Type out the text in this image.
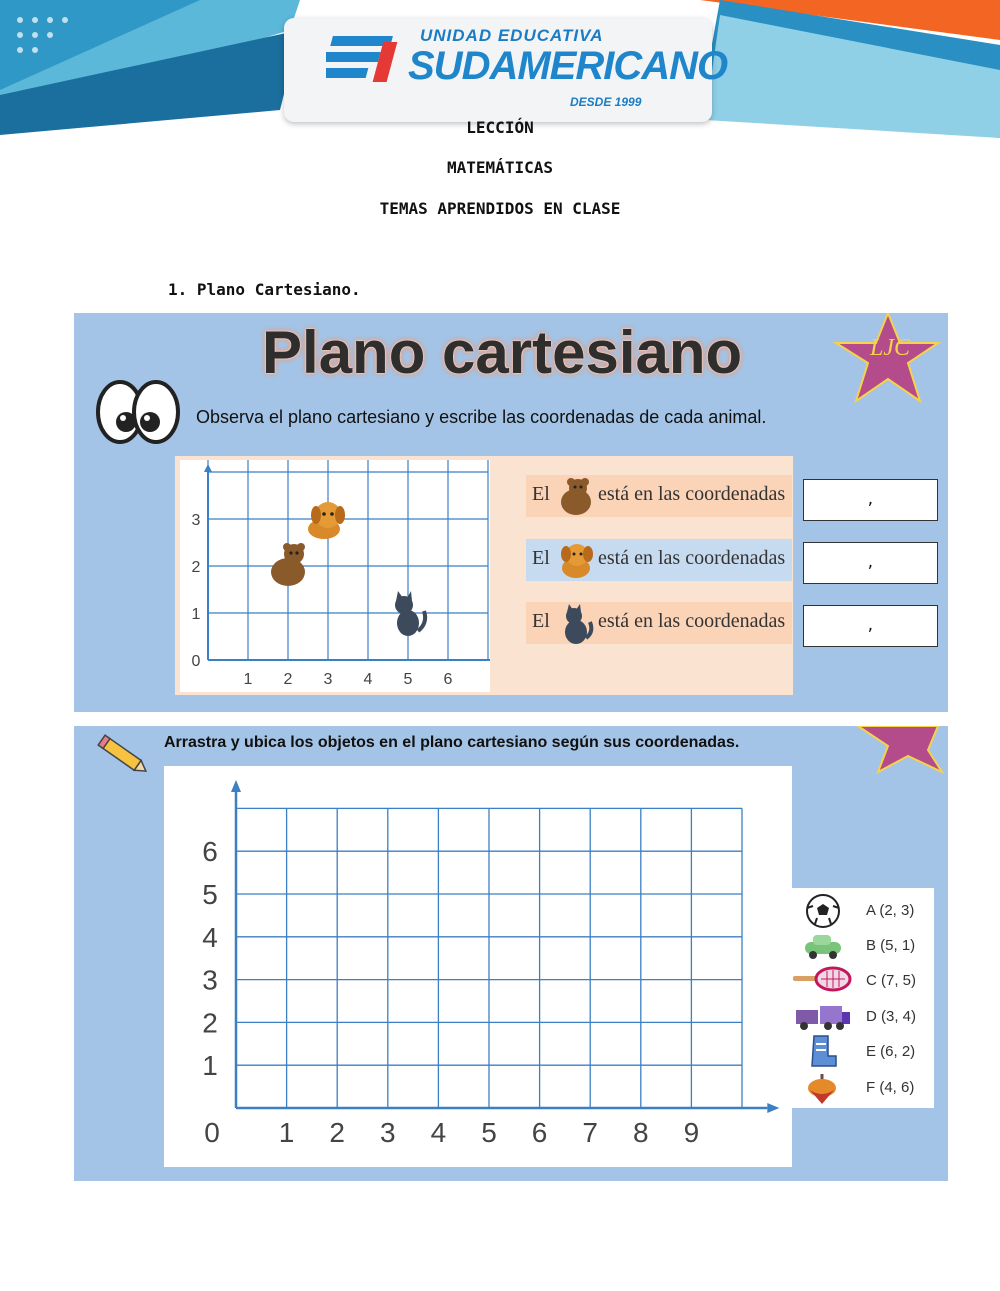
UNIDAD EDUCATIVA
SUDAMERICANO
DESDE 1999
LECCIÓN
MATEMÁTICAS
TEMAS APRENDIDOS EN CLASE
1. Plano Cartesiano.
Plano cartesiano	LJC
Observa el plano cartesiano y escribe las coordenadas de cada animal.
1 2 3 4 5 6
0
1
2
3
El está en las coordenadas
El está en las coordenadas
El está en las coordenadas
,
,
,
Arrastra y ubica los objetos en el plano cartesiano según sus coordenadas.
0 1 2 3 4 5 6 7 8 9
1
2
3
4
5
6
A (2, 3)
B (5, 1)
C (7, 5)
D (3, 4)
E (6, 2)
F (4, 6)
